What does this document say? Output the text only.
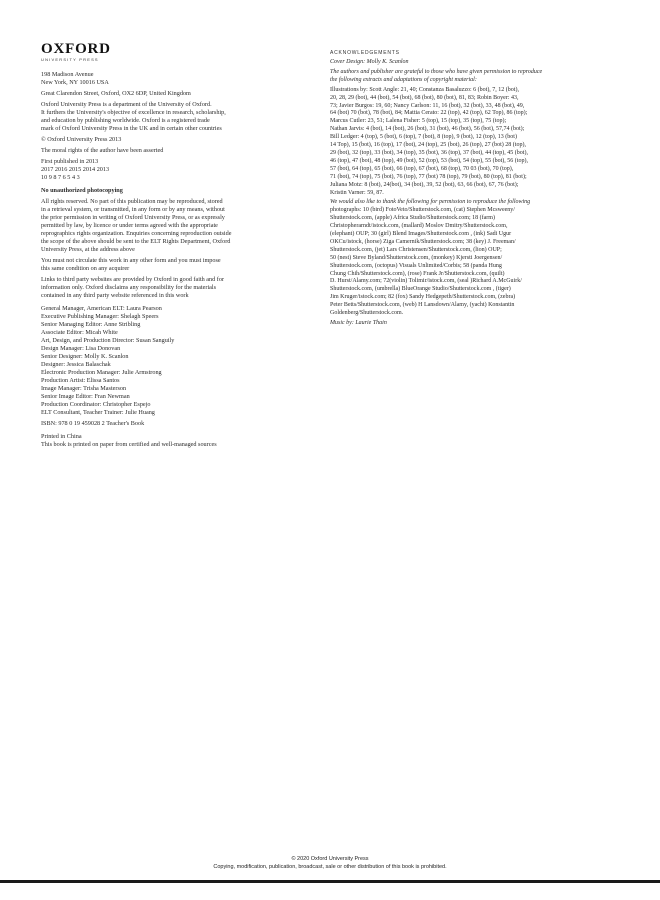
OXFORD
UNIVERSITY PRESS

198 Madison Avenue
New York, NY 10016 USA

Great Clarendon Street, Oxford, OX2 6DP, United Kingdom

Oxford University Press is a department of the University of Oxford.
It furthers the University's objective of excellence in research, scholarship,
and education by publishing worldwide. Oxford is a registered trade
mark of Oxford University Press in the UK and in certain other countries

© Oxford University Press 2013

The moral rights of the author have been asserted

First published in 2013
2017 2016 2015 2014 2013
10 9 8 7 6 5 4 3

No unauthorized photocopying

All rights reserved. No part of this publication may be reproduced, stored
in a retrieval system, or transmitted, in any form or by any means, without
the prior permission in writing of Oxford University Press, or as expressly
permitted by law, by licence or under terms agreed with the appropriate
reprographics rights organization. Enquiries concerning reproduction outside
the scope of the above should be sent to the ELT Rights Department, Oxford
University Press, at the address above

You must not circulate this work in any other form and you must impose
this same condition on any acquirer

Links to third party websites are provided by Oxford in good faith and for
information only. Oxford disclaims any responsibility for the materials
contained in any third party website referenced in this work

General Manager, American ELT: Laura Pearson
Executive Publishing Manager: Shelagh Speers
Senior Managing Editor: Anne Stribling
Associate Editor: Micah White
Art, Design, and Production Director: Susan Sanguily
Design Manager: Lisa Donovan
Senior Designer: Molly K. Scanlon
Designer: Jessica Balaschak
Electronic Production Manager: Julie Armstrong
Production Artist: Elissa Santos
Image Manager: Trisha Masterson
Senior Image Editor: Fran Newman
Production Coordinator: Christopher Espejo
ELT Consultant, Teacher Trainer: Julie Huang

ISBN: 978 0 19 459028 2 Teacher's Book

Printed in China
This book is printed on paper from certified and well-managed sources

ACKNOWLEDGEMENTS

Cover Design: Molly K. Scanlon

The authors and publisher are grateful to those who have given permission to reproduce
the following extracts and adaptations of copyright material:

Illustrations by: Scott Angle: 21, 40; Constanza Basaluzzo: 6 (bot), 7, 12 (bot),
20, 28, 29 (bot), 44 (bot), 54 (bot), 68 (bot), 80 (bot), 81, 83; Robin Boyer: 43,
73; Javier Burgos: 19, 60; Nancy Carlson: 11, 16 (bot), 32 (bot), 33, 48 (bot), 49,
64 (bot) 70 (bot), 78 (bot), 84; Mattia Cerato: 22 (top), 42 (top), 62 Top), 86 (top);
Marcus Cutler: 23, 51; Lalena Fisher: 5 (top), 15 (top), 35 (top), 75 (top);
Nathan Jarvis: 4 (bot), 14 (bot), 26 (bot), 31 (bot), 46 (bot), 56 (bot), 57,74 (bot);
Bill Ledger: 4 (top), 5 (bot), 6 (top), 7 (bot), 8 (top), 9 (bot), 12 (top), 13 (bot)
14 Top), 15 (bot), 16 (top), 17 (bot), 24 (top), 25 (bot), 26 (top), 27 (bot) 28 (top),
29 (bot), 32 (top), 33 (bot), 34 (top), 35 (bot), 36 (top), 37 (bot), 44 (top), 45 (bot),
46 (top), 47 (bot), 48 (top), 49 (bot), 52 (top), 53 (bot), 54 (top), 55 (bot), 56 (top),
57 (bot), 64 (top), 65 (bot), 66 (top), 67 (bot), 68 (top), 70 03 (bot), 70 (top),
71 (bot), 74 (top), 75 (bot), 76 (top), 77 (bot) 78 (top), 79 (bot), 80 (top), 81 (bot);
Juliana Motz: 8 (bot), 24(bot), 34 (bot), 39, 52 (bot), 63, 66 (bot), 67, 76 (bot);
Kristin Varner: 59, 87.

We would also like to thank the following for permission to reproduce the following
photographs: 10 (bird) FotoVeto/Shutterstock.com, (cat) Stephen Mcsweeny/
Shutterstock.com, (apple) Africa Studio/Shutterstock.com; 18 (farm)
Christopherarndt/istock.com, (mallard) Moslov Dmitry/Shutterstock.com,
(elephant) OUP; 30 (girl) Blend Images/Shutterstock.com , (ink) Sadi Ugur
OKCu/istock, (horse) Ziga Camernik/Shutterstock.com; 38 (key) J. Freeman/
Shutterstock.com, (jet) Lars Christensen/Shutterstock.com, (lion) OUP;
50 (nest) Steve Byland/Shutterstock.com, (monkey) Kjersti Joergensen/
Shutterstock.com, (octopus) Visuals Unlimited/Corbis; 58 (panda Hung
Chung Chih/Shutterstock.com), (rose) Frank Jr/Shutterstock.com, (quilt)
D. Hurst/Alamy.com; 72(violin) Tolimir/istock.com, (seal )Richard A.McGuirk/
Shutterstock.com, (umbrella) BlueOrange Studio/Shutterstock.com , (tiger)
Jim Kruger/istock.com; 82 (fox) Sandy Hedgepeth/Shutterstock.com, (zebra)
Peter Betts/Shutterstock.com, (web) H Lansdown/Alamy, (yacht) Konstantin
Goldenberg/Shutterstock.com.

Music by: Laurie Thain

© 2020 Oxford University Press
Copying, modification, publication, broadcast, sale or other distribution of this book is prohibited.
